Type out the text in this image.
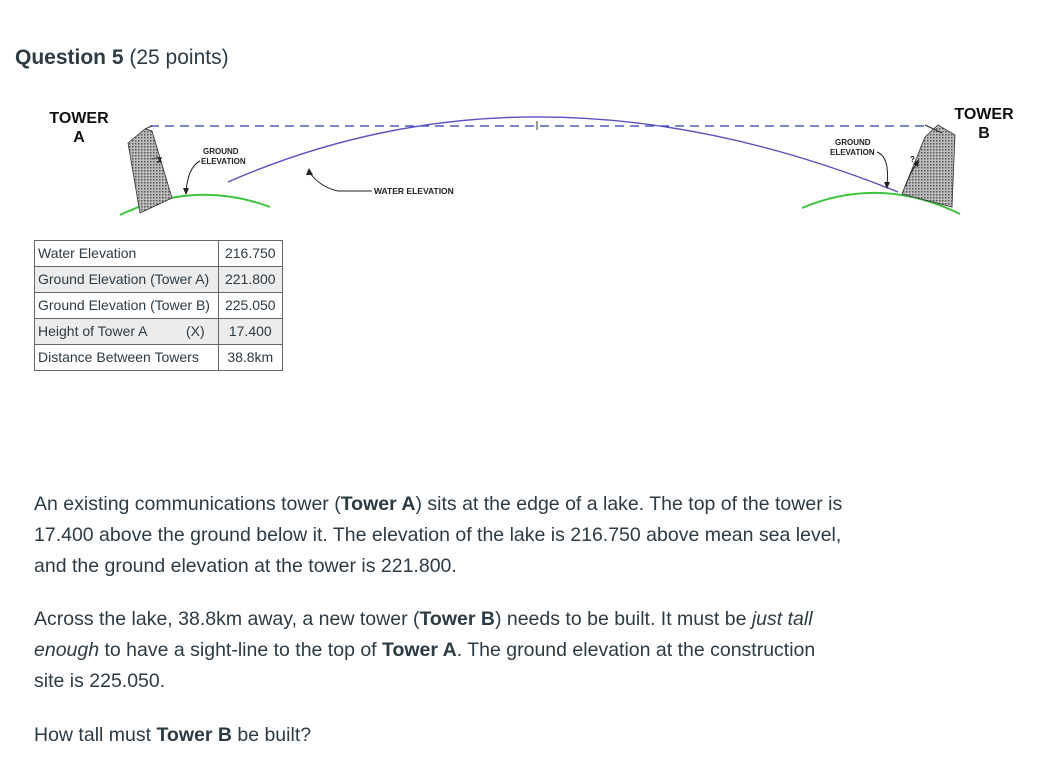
Question 5 (25 points)
TOWER
A
TOWER
B
X	?
GROUND
ELEVATION
GROUND
ELEVATION
WATER ELEVATION
Water Elevation	216.750
Ground Elevation (Tower A)	221.800
Ground Elevation (Tower B)	225.050
Height of Tower A (X)	17.400
Distance Between Towers	38.8km

An existing communications tower (Tower A) sits at the edge of a lake. The top of the tower is 17.400 above the ground below it. The elevation of the lake is 216.750 above mean sea level, and the ground elevation at the tower is 221.800.

Across the lake, 38.8km away, a new tower (Tower B) needs to be built. It must be just tall enough to have a sight-line to the top of Tower A. The ground elevation at the construction site is 225.050.

How tall must Tower B be built?
